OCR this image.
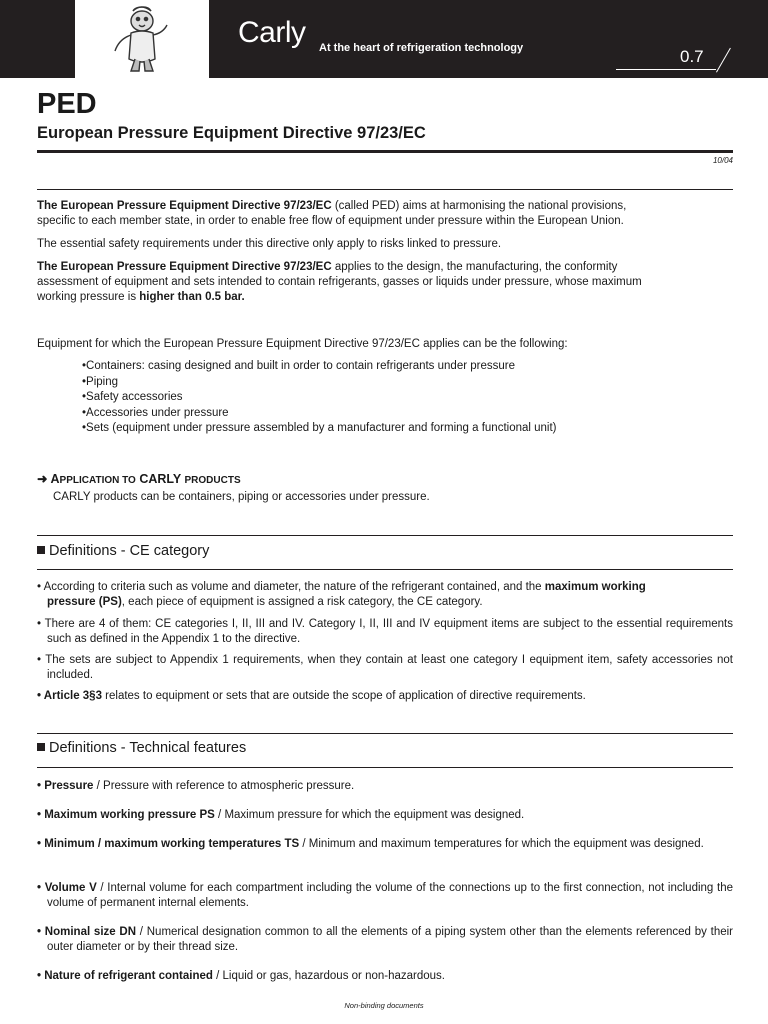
Carly At the heart of refrigeration technology	0.7
PED
European Pressure Equipment Directive 97/23/EC
10/04
The European Pressure Equipment Directive 97/23/EC (called PED) aims at harmonising the national provisions,
specific to each member state, in order to enable free flow of equipment under pressure within the European Union.
The essential safety requirements under this directive only apply to risks linked to pressure.
The European Pressure Equipment Directive 97/23/EC applies to the design, the manufacturing, the conformity
assessment of equipment and sets intended to contain refrigerants, gasses or liquids under pressure, whose maximum
working pressure is higher than 0.5 bar.
Equipment for which the European Pressure Equipment Directive 97/23/EC applies can be the following:
• Containers: casing designed and built in order to contain refrigerants under pressure
• Piping
• Safety accessories
• Accessories under pressure
• Sets (equipment under pressure assembled by a manufacturer and forming a functional unit)
➜ APPLICATION TO CARLY PRODUCTS
CARLY products can be containers, piping or accessories under pressure.
Definitions - CE category
• According to criteria such as volume and diameter, the nature of the refrigerant contained, and the maximum working
pressure (PS), each piece of equipment is assigned a risk category, the CE category.
• There are 4 of them: CE categories I, II, III and IV. Category I, II, III and IV equipment items are subject to the essential requirements such as defined in the Appendix 1 to the directive.
• The sets are subject to Appendix 1 requirements, when they contain at least one category I equipment item, safety accessories not included.
• Article 3§3 relates to equipment or sets that are outside the scope of application of directive requirements.
Definitions - Technical features
• Pressure / Pressure with reference to atmospheric pressure.
• Maximum working pressure PS / Maximum pressure for which the equipment was designed.
• Minimum / maximum working temperatures TS / Minimum and maximum temperatures for which the equipment was designed.
• Volume V / Internal volume for each compartment including the volume of the connections up to the first connection, not including the volume of permanent internal elements.
• Nominal size DN / Numerical designation common to all the elements of a piping system other than the elements referenced by their outer diameter or by their thread size.
• Nature of refrigerant contained / Liquid or gas, hazardous or non-hazardous.
Non-binding documents
